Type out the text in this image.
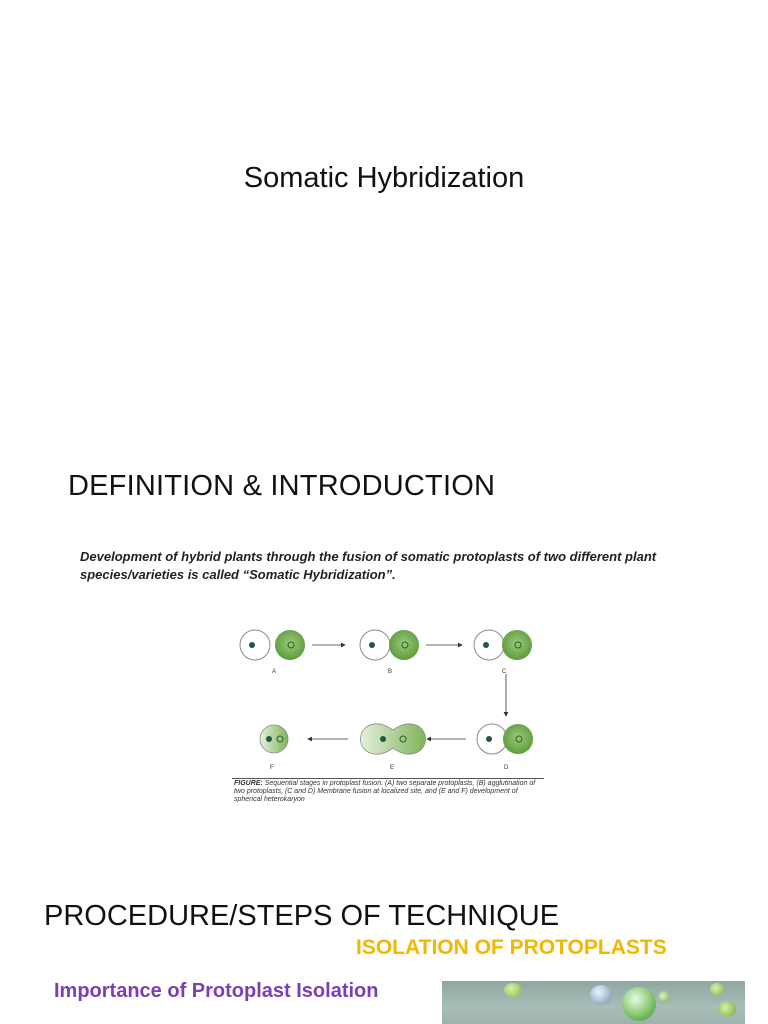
Somatic Hybridization
DEFINITION & INTRODUCTION
Development of hybrid plants through the fusion of somatic protoplasts of two different plant species/varieties is called “Somatic Hybridization”.
A	B	C
D
E
F
FIGURE: Sequential stages in protoplast fusion. (A) two separate protoplasts, (B) agglutination of two protoplasts, (C and D) Membrane fusion at localized site, and (E and F) development of spherical heterokaryon
PROCEDURE/STEPS OF TECHNIQUE
ISOLATION OF PROTOPLASTS
Importance of Protoplast Isolation
